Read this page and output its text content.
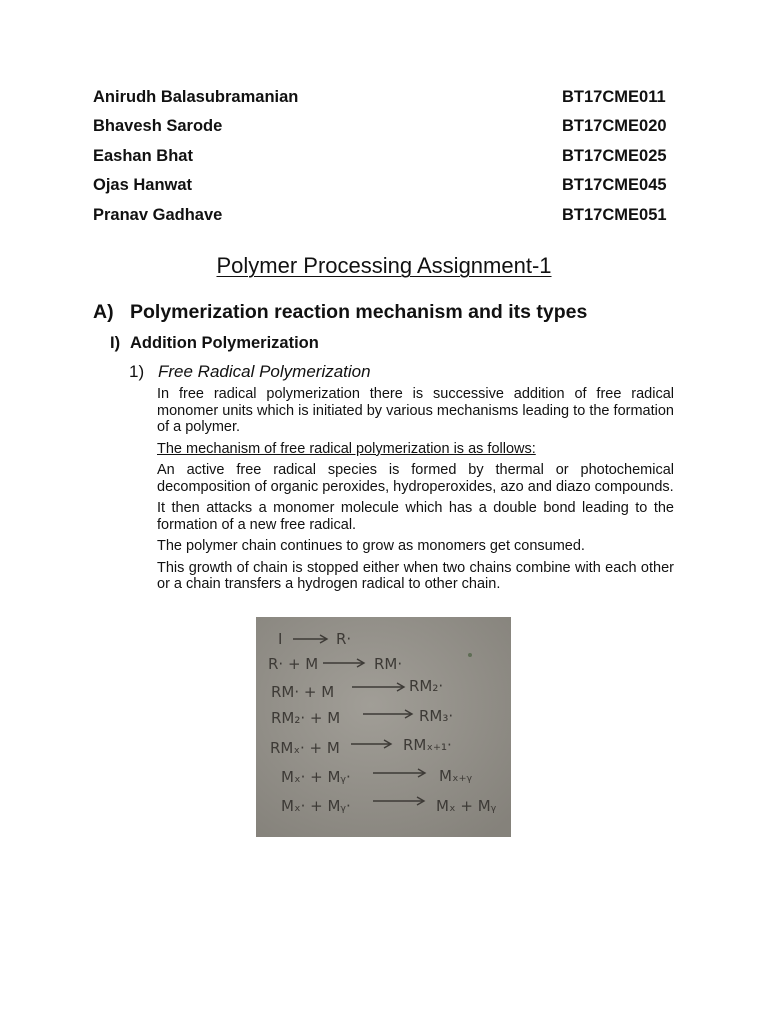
Anirudh Balasubramanian	BT17CME011
Bhavesh Sarode	BT17CME020
Eashan Bhat	BT17CME025
Ojas Hanwat	BT17CME045
Pranav Gadhave	BT17CME051
Polymer Processing Assignment-1
A) Polymerization reaction mechanism and its types
I) Addition Polymerization
1) Free Radical Polymerization

In free radical polymerization there is successive addition of free radical monomer units which is initiated by various mechanisms leading to the formation of a polymer.

The mechanism of free radical polymerization is as follows:

An active free radical species is formed by thermal or photochemical decomposition of organic peroxides, hydroperoxides, azo and diazo compounds.

It then attacks a monomer molecule which has a double bond leading to the formation of a new free radical.

The polymer chain continues to grow as monomers get consumed.

This growth of chain is stopped either when two chains combine with each other or a chain transfers a hydrogen radical to other chain.

I	R·
R· + M	RM·
RM· + M	RM₂·
RM₂· + M	RM₃·
RMₓ· + M	RMₓ₊₁·
Mₓ· + Mᵧ·	Mₓ₊ᵧ
Mₓ· + Mᵧ·	Mₓ + Mᵧ
